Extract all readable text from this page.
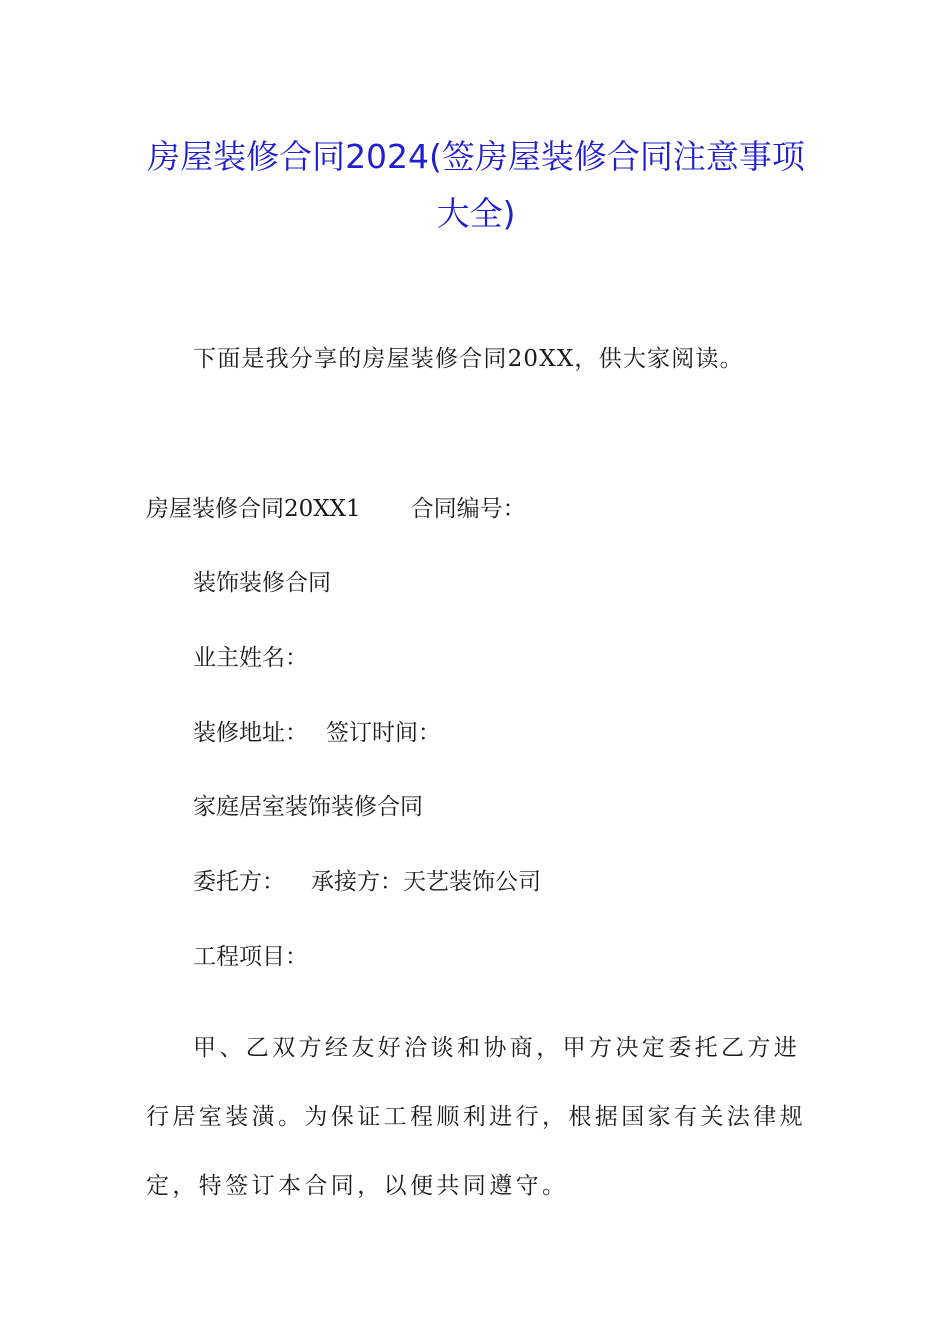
房屋装修合同2024(签房屋装修合同注意事项大全)

下面是我分享的房屋装修合同20XX，供大家阅读。

房屋装修合同20XX1 合同编号：

装饰装修合同

业主姓名：

装修地址： 签订时间：

家庭居室装饰装修合同

委托方： 承接方：天艺装饰公司

工程项目：

甲、乙双方经友好洽谈和协商，甲方决定委托乙方进行居室装潢。为保证工程顺利进行，根据国家有关法律规定，特签订本合同，以便共同遵守。
